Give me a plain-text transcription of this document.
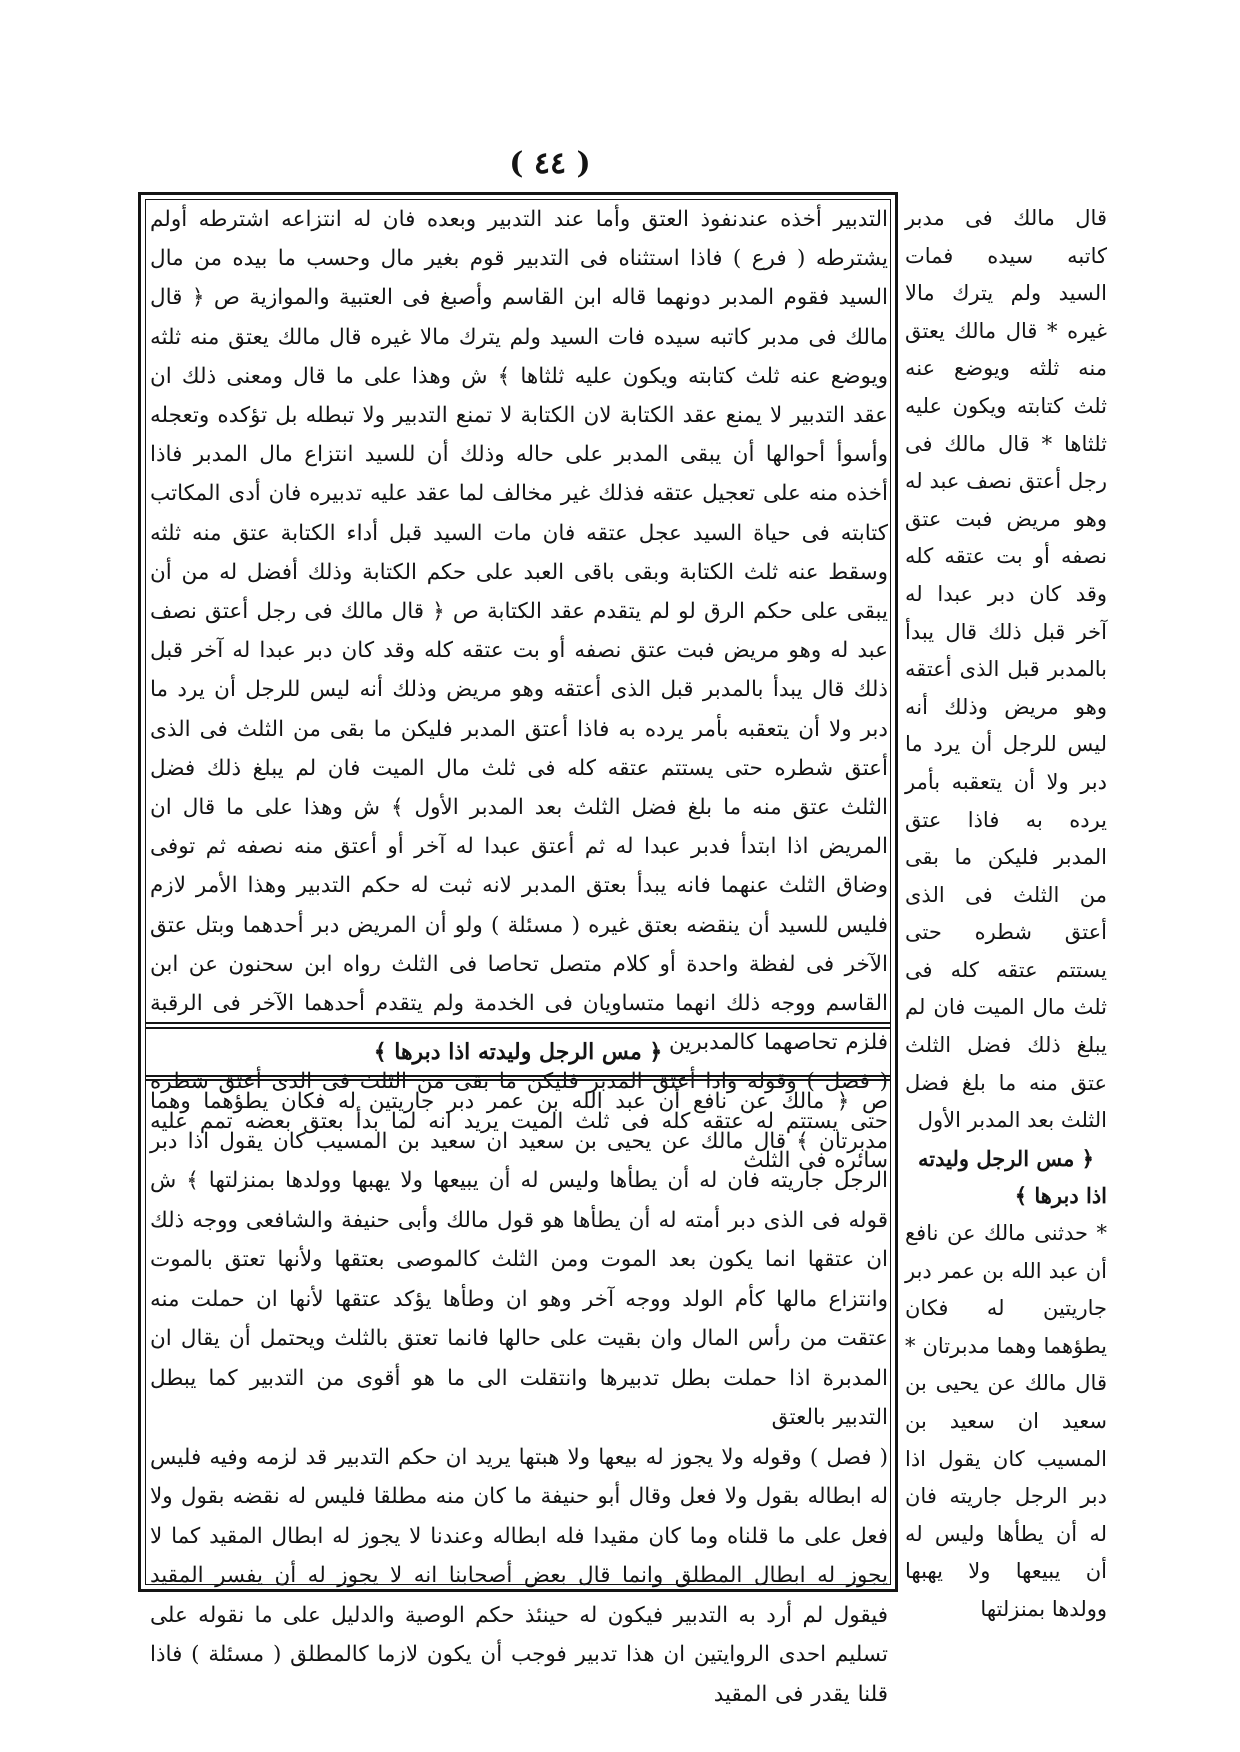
( ٤٤ )

التدبير أخذه عندنفوذ العتق وأما عند التدبير وبعده فان له انتزاعه اشترطه أولم يشترطه ( فرع ) فاذا استثناه فى التدبير قوم بغير مال وحسب ما بيده من مال السيد فقوم المدبر دونهما قاله ابن القاسم وأصبغ فى العتبية والموازية ص ﴿ قال مالك فى مدبر كاتبه سيده فات السيد ولم يترك مالا غيره قال مالك يعتق منه ثلثه ويوضع عنه ثلث كتابته ويكون عليه ثلثاها ﴾ ش وهذا على ما قال ومعنى ذلك ان عقد التدبير لا يمنع عقد الكتابة لان الكتابة لا تمنع التدبير ولا تبطله بل تؤكده وتعجله وأسوأ أحوالها أن يبقى المدبر على حاله وذلك أن للسيد انتزاع مال المدبر فاذا أخذه منه على تعجيل عتقه فذلك غير مخالف لما عقد عليه تدبيره فان أدى المكاتب كتابته فى حياة السيد عجل عتقه فان مات السيد قبل أداء الكتابة عتق منه ثلثه وسقط عنه ثلث الكتابة وبقى باقى العبد على حكم الكتابة وذلك أفضل له من أن يبقى على حكم الرق لو لم يتقدم عقد الكتابة ص ﴿ قال مالك فى رجل أعتق نصف عبد له وهو مريض فبت عتق نصفه أو بت عتقه كله وقد كان دبر عبدا له آخر قبل ذلك قال يبدأ بالمدبر قبل الذى أعتقه وهو مريض وذلك أنه ليس للرجل أن يرد ما دبر ولا أن يتعقبه بأمر يرده به فاذا أعتق المدبر فليكن ما بقى من الثلث فى الذى أعتق شطره حتى يستتم عتقه كله فى ثلث مال الميت فان لم يبلغ ذلك فضل الثلث عتق منه ما بلغ فضل الثلث بعد المدبر الأول ﴾ ش وهذا على ما قال ان المريض اذا ابتدأ فدبر عبدا له ثم أعتق عبدا له آخر أو أعتق منه نصفه ثم توفى وضاق الثلث عنهما فانه يبدأ بعتق المدبر لانه ثبت له حكم التدبير وهذا الأمر لازم فليس للسيد أن ينقضه بعتق غيره ( مسئلة ) ولو أن المريض دبر أحدهما وبتل عتق الآخر فى لفظة واحدة أو كلام متصل تحاصا فى الثلث رواه ابن سحنون عن ابن القاسم ووجه ذلك انهما متساويان فى الخدمة ولم يتقدم أحدهما الآخر فى الرقبة فلزم تحاصهما كالمدبرين

( فصل ) وقوله واذا أعتق المدبر فليكن ما بقى من الثلث فى الذى أعتق شطره حتى يستتم له عتقه كله فى ثلث الميت يريد انه لما بدأ بعتق بعضه تمم عليه سائره فى الثلث

﴿ مس الرجل وليدته اذا دبرها ﴾

ص ﴿ مالك عن نافع أن عبد الله بن عمر دبر جاريتين له فكان يطؤهما وهما مدبرتان ﴾ قال مالك عن يحيى بن سعيد ان سعيد بن المسيب كان يقول اذا دبر الرجل جاريته فان له أن يطأها وليس له أن يبيعها ولا يهبها وولدها بمنزلتها ﴾ ش قوله فى الذى دبر أمته له أن يطأها هو قول مالك وأبى حنيفة والشافعى ووجه ذلك ان عتقها انما يكون بعد الموت ومن الثلث كالموصى بعتقها ولأنها تعتق بالموت وانتزاع مالها كأم الولد ووجه آخر وهو ان وطأها يؤكد عتقها لأنها ان حملت منه عتقت من رأس المال وان بقيت على حالها فانما تعتق بالثلث ويحتمل أن يقال ان المدبرة اذا حملت بطل تدبيرها وانتقلت الى ما هو أقوى من التدبير كما يبطل التدبير بالعتق

( فصل ) وقوله ولا يجوز له بيعها ولا هبتها يريد ان حكم التدبير قد لزمه وفيه فليس له ابطاله بقول ولا فعل وقال أبو حنيفة ما كان منه مطلقا فليس له نقضه بقول ولا فعل على ما قلناه وما كان مقيدا فله ابطاله وعندنا لا يجوز له ابطال المقيد كما لا يجوز له ابطال المطلق وانما قال بعض أصحابنا انه لا يجوز له أن يفسر المقيد فيقول لم أرد به التدبير فيكون له حينئذ حكم الوصية والدليل على ما نقوله على تسليم احدى الروايتين ان هذا تدبير فوجب أن يكون لازما كالمطلق ( مسئلة ) فاذا قلنا يقدر فى المقيد

قال مالك فى مدبر كاتبه سيده فمات السيد ولم يترك مالا غيره * قال مالك يعتق منه ثلثه ويوضع عنه ثلث كتابته ويكون عليه ثلثاها * قال مالك فى رجل أعتق نصف عبد له وهو مريض فبت عتق نصفه أو بت عتقه كله وقد كان دبر عبدا له آخر قبل ذلك قال يبدأ بالمدبر قبل الذى أعتقه وهو مريض وذلك أنه ليس للرجل أن يرد ما دبر ولا أن يتعقبه بأمر يرده به فاذا عتق المدبر فليكن ما بقى من الثلث فى الذى أعتق شطره حتى يستتم عتقه كله فى ثلث مال الميت فان لم يبلغ ذلك فضل الثلث عتق منه ما بلغ فضل الثلث بعد المدبر الأول

﴿ مس الرجل وليدته اذا دبرها ﴾

* حدثنى مالك عن نافع أن عبد الله بن عمر دبر جاريتين له فكان يطؤهما وهما مدبرتان * قال مالك عن يحيى بن سعيد ان سعيد بن المسيب كان يقول اذا دبر الرجل جاريته فان له أن يطأها وليس له أن يبيعها ولا يهبها وولدها بمنزلتها
